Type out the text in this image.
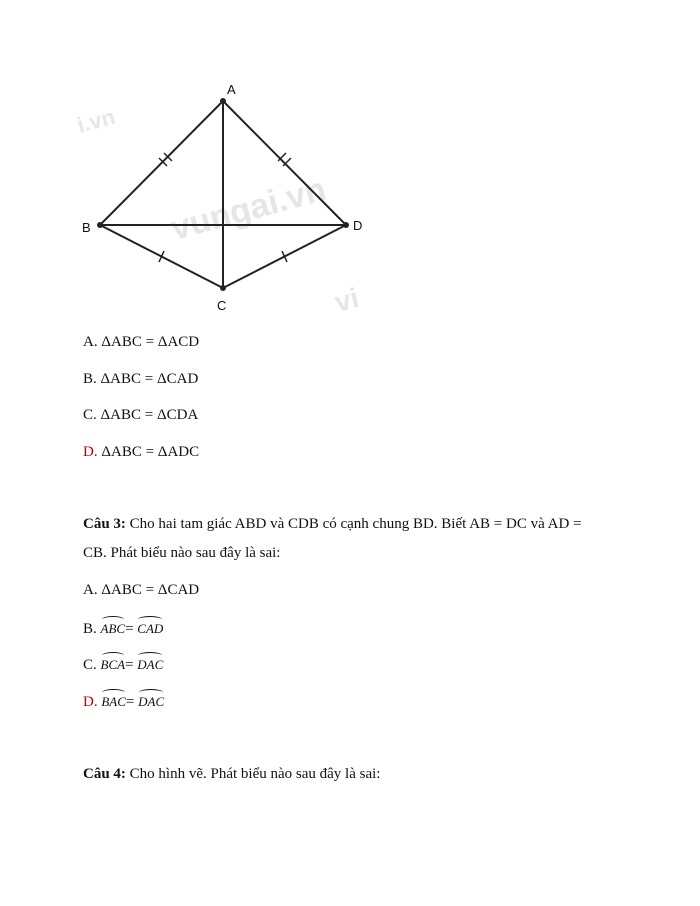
i.vn
vungai.vn
vi
A
B
C
D
A. ΔABC = ΔACD
B. ΔABC = ΔCAD
C. ΔABC = ΔCDA
D. ΔABC = ΔADC
Câu 3: Cho hai tam giác ABD và CDB có cạnh chung BD. Biết AB = DC và AD =
CB. Phát biểu nào sau đây là sai:
A. ΔABC = ΔCAD
B. ABC= CAD
C. BCA= DAC
D. BAC= DAC
Câu 4: Cho hình vẽ. Phát biểu nào sau đây là sai:
